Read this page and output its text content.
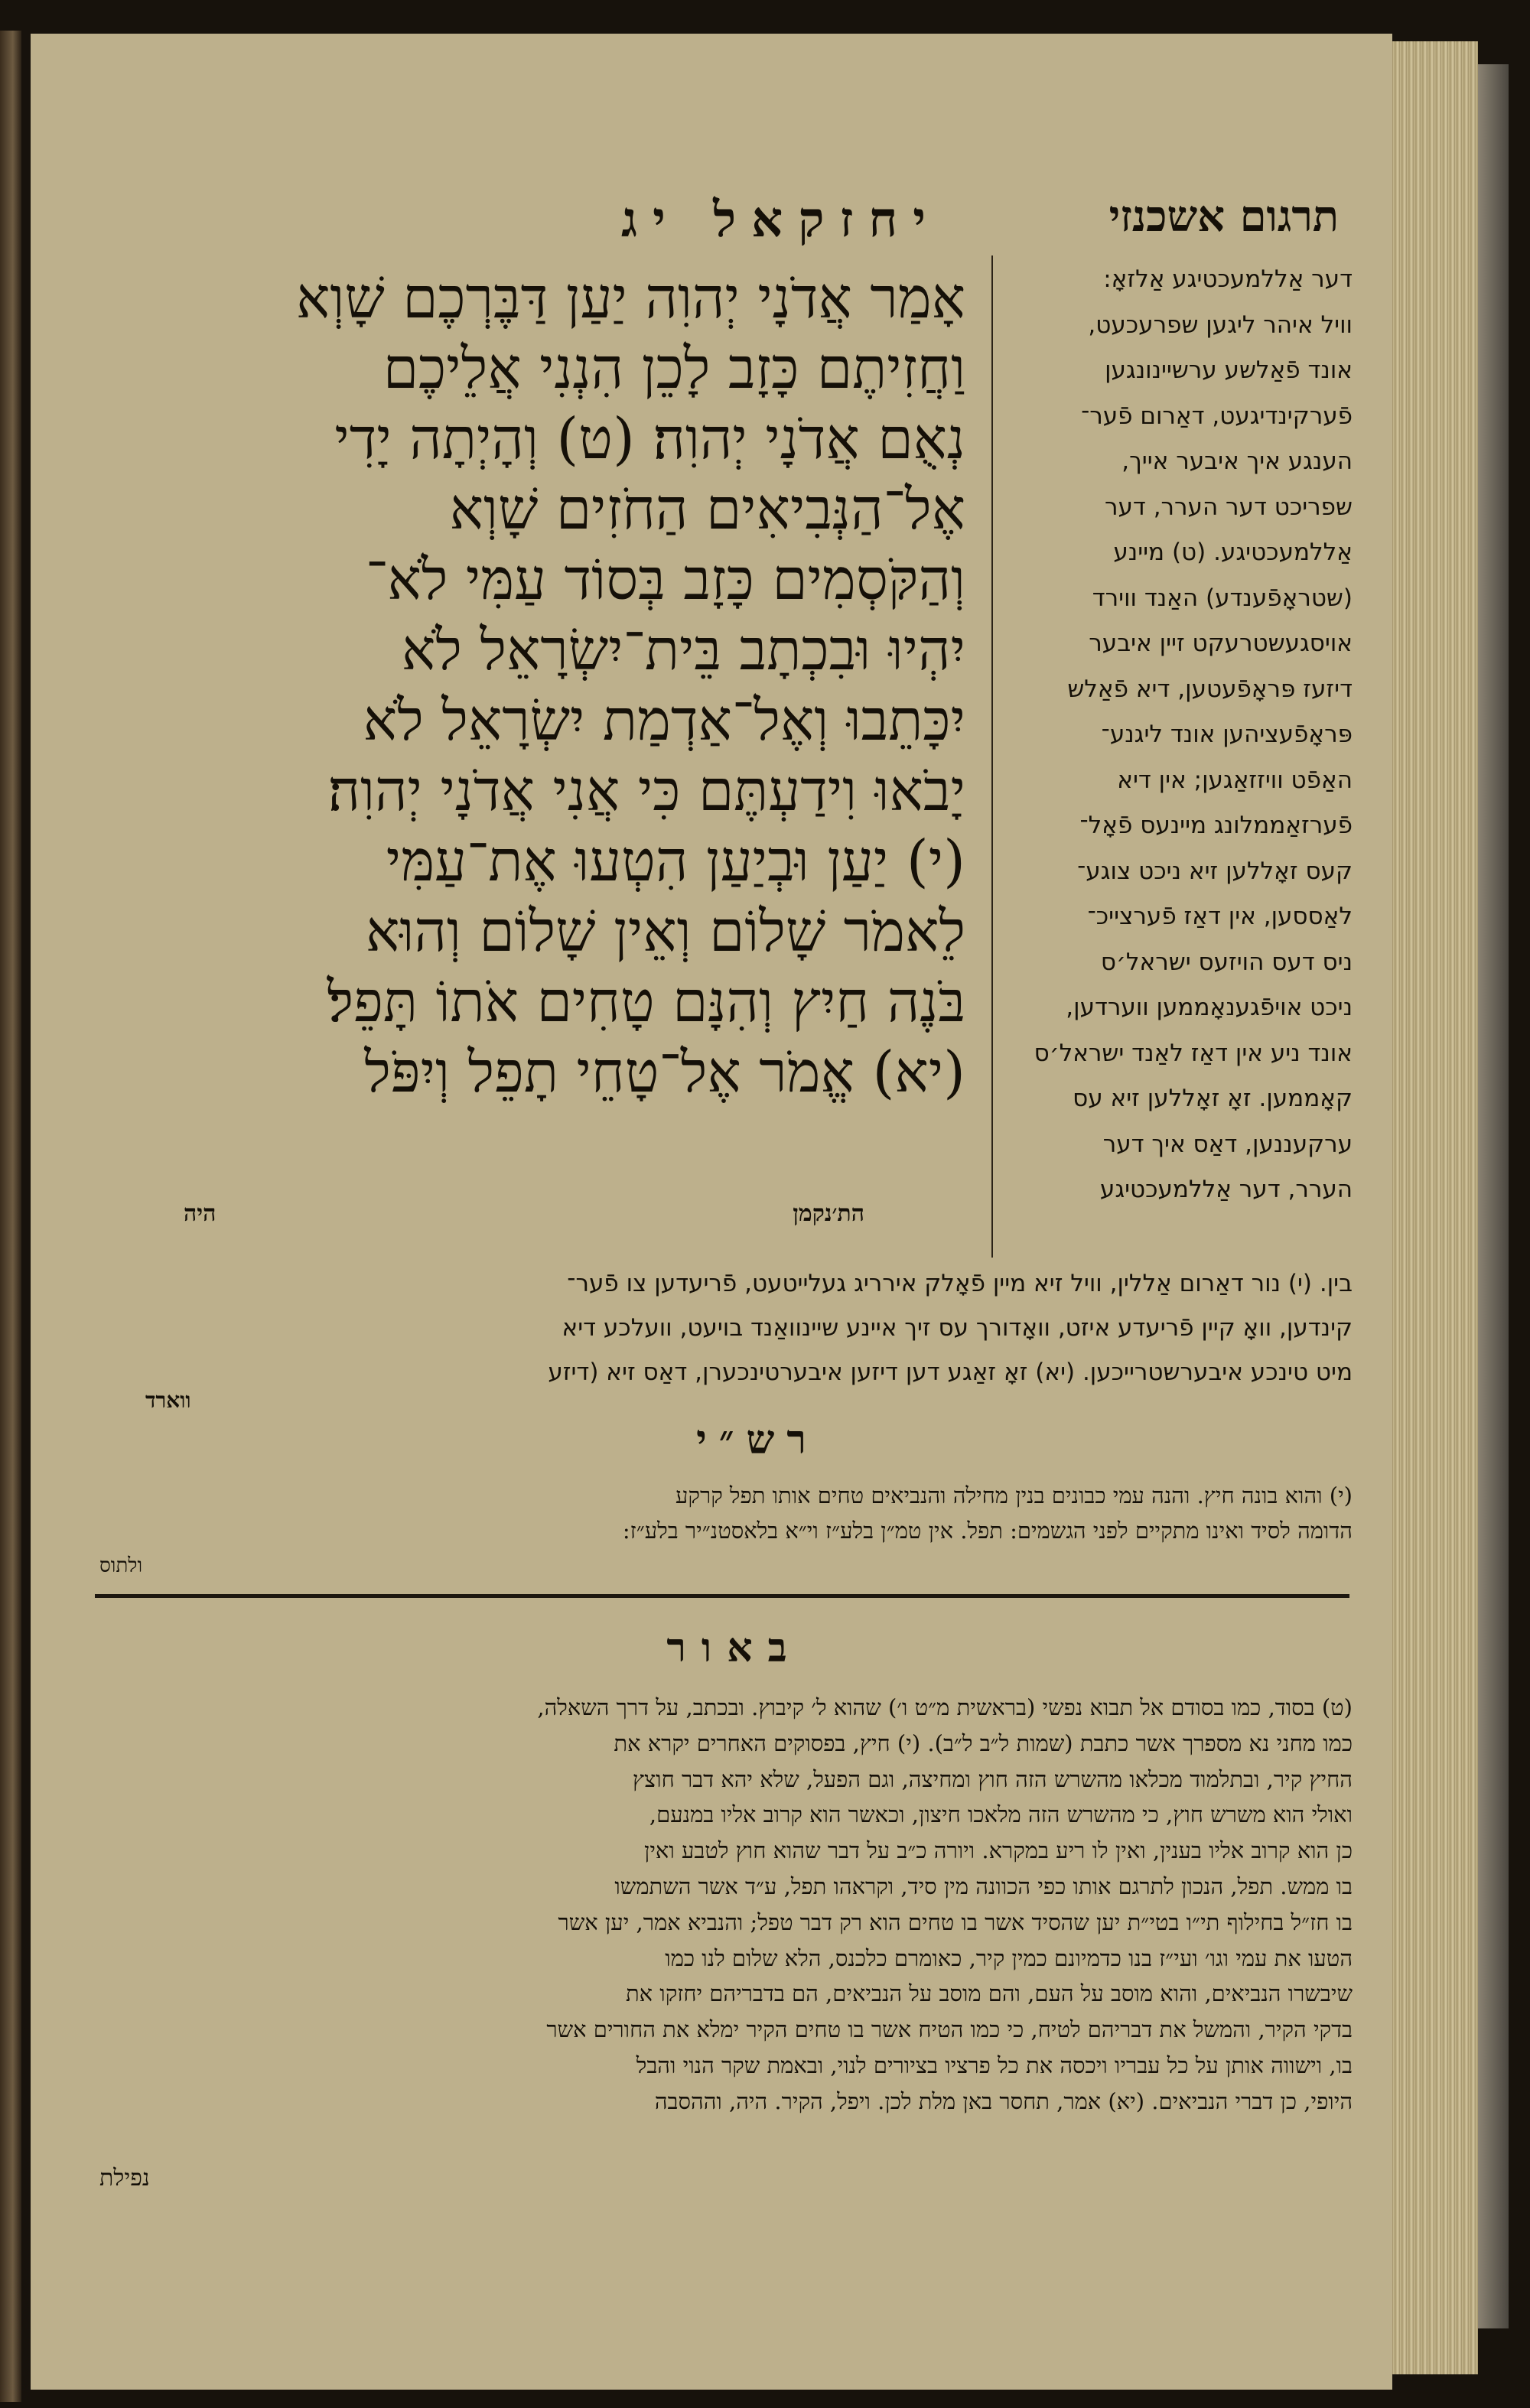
תרגום אשכנזי
יחזקאל יג
אָמַר אֲדֹנָי יְהוִה יַעַן דַּבֶּרְכֶם שָׁוְא
וַחֲזִיתֶם כָּזָב לָכֵן הִנְנִי אֲלֵיכֶם
נְאֻם אֲדֹנָי יְהוִה׃ (ט) וְהָיְתָה יָדִי
אֶל־הַנְּבִיאִים הַחֹזִים שָׁוְא
וְהַקֹּסְמִים כָּזָב בְּסוֹד עַמִּי לֹא־
יִהְיוּ וּבִכְתָב בֵּית־יִשְׂרָאֵל לֹא
יִכָּתֵבוּ וְאֶל־אַדְמַת יִשְׂרָאֵל לֹא
יָבֹאוּ וִידַעְתֶּם כִּי אֲנִי אֲדֹנָי יְהוִה׃
(י) יַעַן וּבְיַעַן הִטְעוּ אֶת־עַמִּי
לֵאמֹר שָׁלוֹם וְאֵין שָׁלוֹם וְהוּא
בֹּנֶה חַיִץ וְהִנָּם טָחִים אֹתוֹ תָּפֵל׃
(יא) אֱמֹר אֶל־טָחֵי תָפֵל וְיִפֹּל
דער אַללמעכטיגע אַלזאָ:
וויל איהר ליגען שפרעכעט,
אונד פֿאַלשע ערשיינונגען
פֿערקינדיגעט, דאַרום פֿער־
הענגע איך איבער אייך,
שפריכט דער הערר, דער
אַללמעכטיגע. (ט) מיינע
(שטראָפֿענדע) האַנד ווירד
אויסגעשטרעקט זיין איבער
דיזעז פּראָפֿעטען, דיא פֿאַלש
פּראָפֿעציהען אונד ליגנע־
האַפֿט וויזזאַגען; אין דיא
פֿערזאַממלונג מיינעס פֿאָל־
קעס זאָללען זיא ניכט צוגע־
לאַססען, אין דאַז פֿערצייכ־
ניס דעס הויזעס ישראל׳ס
ניכט אויפֿגענאָממען ווערדען,
אונד ניע אין דאַז לאַנד ישראל׳ס
קאָממען. זאָ זאָללען זיא עס
ערקעננען, דאַס איך דער
הערר, דער אַללמעכטיגע
הת׳נקמן
היה
בין. (י) נור דאַרום אַללין, וויל זיא מיין פֿאָלק אירריג געלייטעט, פֿריעדען צו פֿער־
קינדען, וואָ קיין פֿריעדע איזט, וואָדורך עס זיך איינע שיינוואַנד בויעט, וועלכע דיא
מיט טינכע איבערשטרייכען. (יא) זאָ זאַגע דען דיזען איבערטינכערן, דאַס זיא (דיזע
ווארד
רש״י
(י) והוא בונה חיץ. והנה עמי כבונים בנין מחילה והנביאים טחים אותו תפל קרקע
הדומה לסיד ואינו מתקיים לפני הגשמים: תפל. אין טמ״ן בלע״ז וי״א בלאסטנ״יר בלע״ז:
ולתוס
באור
(ט) בסוד, כמו בסודם אל תבוא נפשי (בראשית מ״ט ו׳) שהוא ל׳ קיבוץ. ובכתב, על דרך השאלה,
כמו מחני נא מספרך אשר כתבת (שמות ל״ב ל״ב). (י) חיץ, בפסוקים האחרים יקרא את
החיץ קיר, ובתלמוד מכלאו מהשרש הזה חוץ ומחיצה, וגם הפעל, שלא יהא דבר חוצץ
ואולי הוא משרש חוץ, כי מהשרש הזה מלאכו חיצון, וכאשר הוא קרוב אליו במנעם,
כן הוא קרוב אליו בענין, ואין לו ריע במקרא. ויורה כ״ב על דבר שהוא חוץ לטבע ואין
בו ממש. תפל, הנכון לתרגם אותו כפי הכוונה מין סיד, וקראהו תפל, ע״ד אשר השתמשו
בו חז״ל בחילוף תי״ו בטי״ת יען שהסיד אשר בו טחים הוא רק דבר טפל; והנביא אמר, יען אשר
הטעו את עמי וגו׳ ועי״ז בנו כדמיונם כמין קיר, כאומרם כלכנס, הלא שלום לנו כמו
שיבשרו הנביאים, והוא מוסב על העם, והם מוסב על הנביאים, הם בדבריהם יחזקו את
בדקי הקיר, והמשל את דבריהם לטיח, כי כמו הטיח אשר בו טחים הקיר ימלא את החורים אשר
בו, וישווה אותן על כל עבריו ויכסה את כל פרציו בציורים לנוי, ובאמת שקר הנוי והבל
היופי, כן דברי הנביאים. (יא) אמר, תחסר באן מלת לכן. ויפל, הקיר. היה, וההסבה
נפילת
